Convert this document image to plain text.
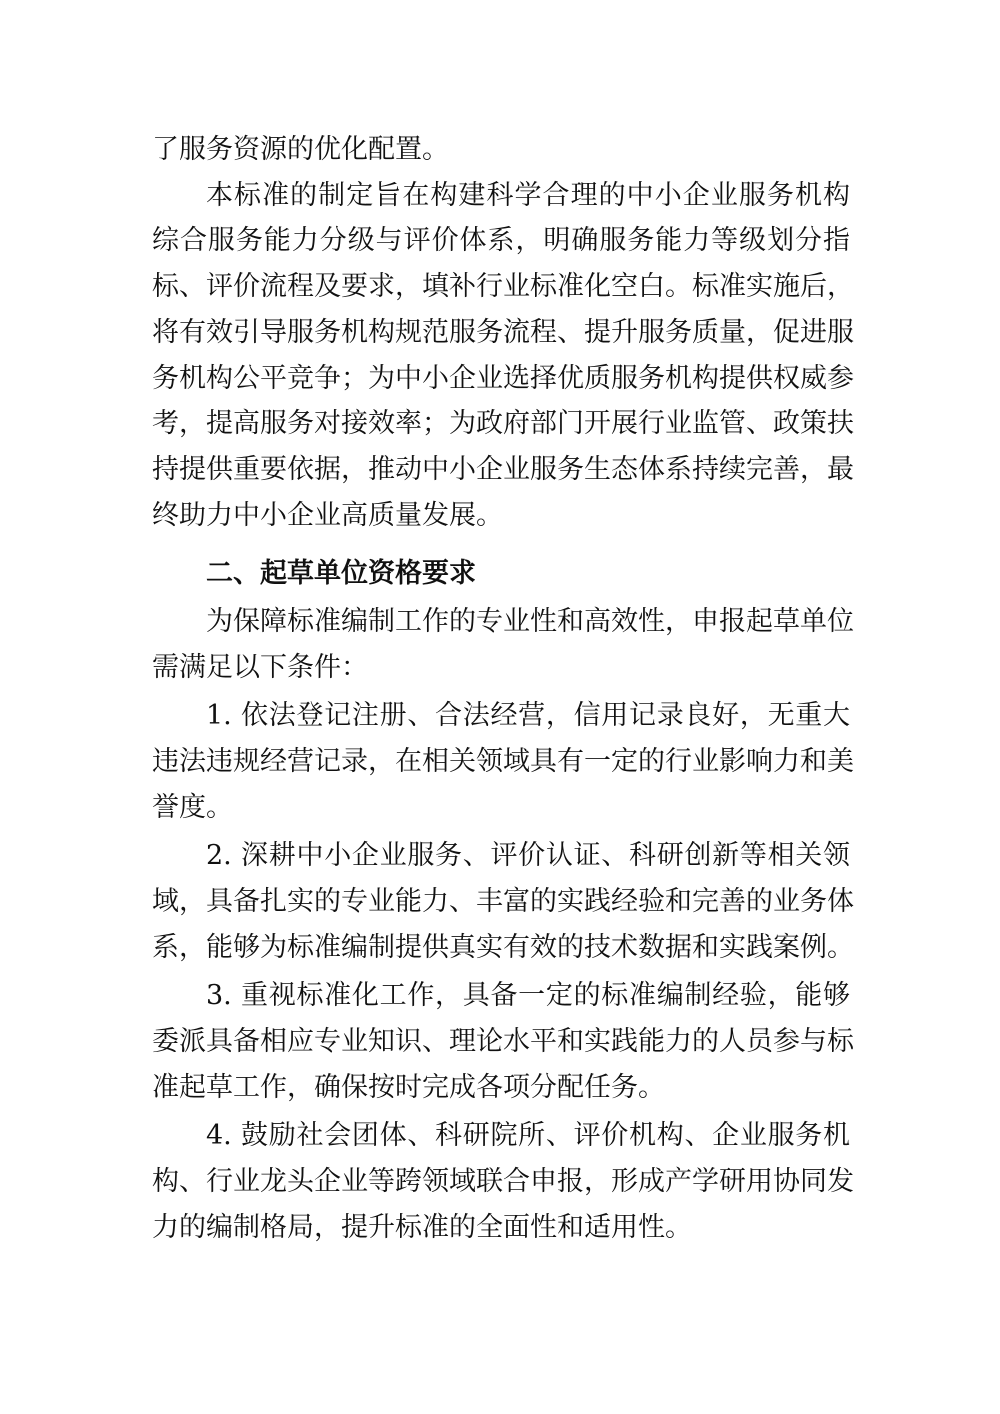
了服务资源的优化配置。
本标准的制定旨在构建科学合理的中小企业服务机构
综合服务能力分级与评价体系，明确服务能力等级划分指
标、评价流程及要求，填补行业标准化空白。标准实施后，
将有效引导服务机构规范服务流程、提升服务质量，促进服
务机构公平竞争；为中小企业选择优质服务机构提供权威参
考，提高服务对接效率；为政府部门开展行业监管、政策扶
持提供重要依据，推动中小企业服务生态体系持续完善，最
终助力中小企业高质量发展。
二、起草单位资格要求
为保障标准编制工作的专业性和高效性，申报起草单位
需满足以下条件：
1. 依法登记注册、合法经营，信用记录良好，无重大
违法违规经营记录，在相关领域具有一定的行业影响力和美
誉度。
2. 深耕中小企业服务、评价认证、科研创新等相关领
域，具备扎实的专业能力、丰富的实践经验和完善的业务体
系，能够为标准编制提供真实有效的技术数据和实践案例。
3. 重视标准化工作，具备一定的标准编制经验，能够
委派具备相应专业知识、理论水平和实践能力的人员参与标
准起草工作，确保按时完成各项分配任务。
4. 鼓励社会团体、科研院所、评价机构、企业服务机
构、行业龙头企业等跨领域联合申报，形成产学研用协同发
力的编制格局，提升标准的全面性和适用性。
